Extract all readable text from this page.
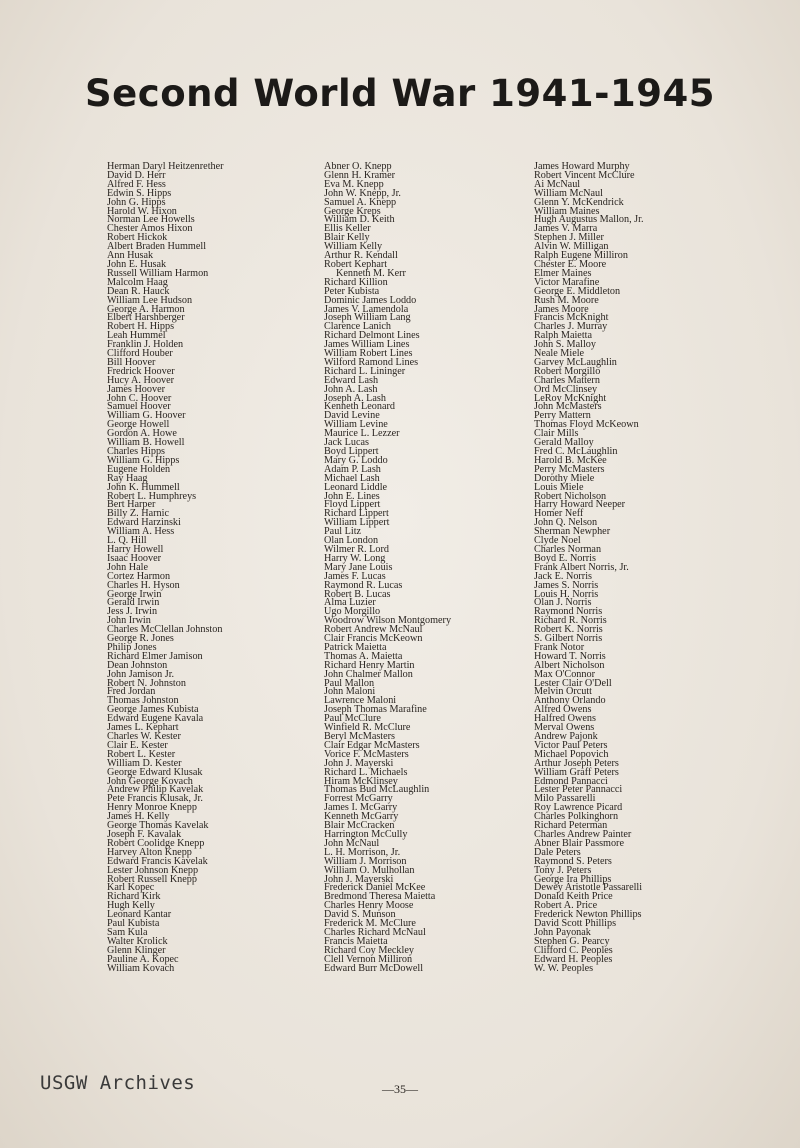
Second World War 1941-1945
Herman Daryl Heitzenrether
David D. Herr
Alfred F. Hess
Edwin S. Hipps
John G. Hipps
Harold W. Hixon
Norman Lee Howells
Chester Amos Hixon
Robert Hickok
Albert Braden Hummell
Ann Husak
John E. Husak
Russell William Harmon
Malcolm Haag
Dean R. Hauck
William Lee Hudson
George A. Harmon
Elbert Harshberger
Robert H. Hipps
Leah Hummel
Franklin J. Holden
Clifford Houber
Bill Hoover
Fredrick Hoover
Hucy A. Hoover
James Hoover
John C. Hoover
Samuel Hoover
William G. Hoover
George Howell
Gordon A. Howe
William B. Howell
Charles Hipps
William G. Hipps
Eugene Holden
Ray Haag
John K. Hummell
Robert L. Humphreys
Bert Harper
Billy Z. Harnic
Edward Harzinski
William A. Hess
L. Q. Hill
Harry Howell
Isaac Hoover
John Hale
Cortez Harmon
Charles H. Hyson
George Irwin
Gerald Irwin
Jess J. Irwin
John Irwin
Charles McClellan Johnston
George R. Jones
Philip Jones
Richard Elmer Jamison
Dean Johnston
John Jamison Jr.
Robert N. Johnston
Fred Jordan
Thomas Johnston
George James Kubista
Edward Eugene Kavala
James L. Kephart
Charles W. Kester
Clair E. Kester
Robert L. Kester
William D. Kester
George Edward Klusak
John George Kovach
Andrew Philip Kavelak
Pete Francis Klusak, Jr.
Henry Monroe Knepp
James H. Kelly
George Thomas Kavelak
Joseph F. Kavalak
Robert Coolidge Knepp
Harvey Alton Knepp
Edward Francis Kavelak
Lester Johnson Knepp
Robert Russell Knepp
Karl Kopec
Richard Kirk
Hugh Kelly
Leonard Kantar
Paul Kubista
Sam Kula
Walter Krolick
Glenn Klinger
Pauline A. Kopec
William Kovach
Abner O. Knepp
Glenn H. Kramer
Eva M. Knepp
John W. Knepp, Jr.
Samuel A. Knepp
George Kreps
William D. Keith
Ellis Keller
Blair Kelly
William Kelly
Arthur R. Kendall
Robert Kephart
Kenneth M. Kerr
Richard Killion
Peter Kubista
Dominic James Loddo
James V. Lamendola
Joseph William Lang
Clarence Lanich
Richard Delmont Lines
James William Lines
William Robert Lines
Wilford Ramond Lines
Richard L. Lininger
Edward Lash
John A. Lash
Joseph A. Lash
Kenneth Leonard
David Levine
William Levine
Maurice L. Lezzer
Jack Lucas
Boyd Lippert
Mary G. Loddo
Adam P. Lash
Michael Lash
Leonard Liddle
John E. Lines
Floyd Lippert
Richard Lippert
William Lippert
Paul Litz
Olan London
Wilmer R. Lord
Harry W. Long
Mary Jane Louis
James F. Lucas
Raymond R. Lucas
Robert B. Lucas
Alma Luzier
Ugo Morgillo
Woodrow Wilson Montgomery
Robert Andrew McNaul
Clair Francis McKeown
Patrick Maietta
Thomas A. Maietta
Richard Henry Martin
John Chalmer Mallon
Paul Mallon
John Maloni
Lawrence Maloni
Joseph Thomas Marafine
Paul McClure
Winfield R. McClure
Beryl McMasters
Clair Edgar McMasters
Vorice F. McMasters
John J. Mayerski
Richard L. Michaels
Hiram McKlinsey
Thomas Bud McLaughlin
Forrest McGarry
James I. McGarry
Kenneth McGarry
Blair McCracken
Harrington McCully
John McNaul
L. H. Morrison, Jr.
William J. Morrison
William O. Mulhollan
John J. Mayerski
Frederick Daniel McKee
Bredmond Theresa Maietta
Charles Henry Moose
David S. Munson
Frederick M. McClure
Charles Richard McNaul
Francis Maietta
Richard Coy Meckley
Clell Vernon Milliron
Edward Burr McDowell
James Howard Murphy
Robert Vincent McClure
Ai McNaul
William McNaul
Glenn Y. McKendrick
William Maines
Hugh Augustus Mallon, Jr.
James V. Marra
Stephen J. Miller
Alvin W. Milligan
Ralph Eugene Milliron
Chester E. Moore
Elmer Maines
Victor Marafine
George E. Middleton
Rush M. Moore
James Moore
Francis McKnight
Charles J. Murray
Ralph Maietta
John S. Malloy
Neale Miele
Garvey McLaughlin
Robert Morgillo
Charles Mattern
Ord McClinsey
LeRoy McKnight
John McMasters
Perry Mattern
Thomas Floyd McKeown
Clair Mills
Gerald Malloy
Fred C. McLaughlin
Harold B. McKee
Perry McMasters
Dorothy Miele
Louis Miele
Robert Nicholson
Harry Howard Neeper
Homer Neff
John Q. Nelson
Sherman Newpher
Clyde Noel
Charles Norman
Boyd E. Norris
Frank Albert Norris, Jr.
Jack E. Norris
James S. Norris
Louis H. Norris
Olan J. Norris
Raymond Norris
Richard R. Norris
Robert K. Norris
S. Gilbert Norris
Frank Notor
Howard T. Norris
Albert Nicholson
Max O'Connor
Lester Clair O'Dell
Melvin Orcutt
Anthony Orlando
Alfred Owens
Halfred Owens
Merval Owens
Andrew Pajonk
Victor Paul Peters
Michael Popovich
Arthur Joseph Peters
William Graff Peters
Edmond Pannacci
Lester Peter Pannacci
Milo Passarelli
Roy Lawrence Picard
Charles Polkinghorn
Richard Peterman
Charles Andrew Painter
Abner Blair Passmore
Dale Peters
Raymond S. Peters
Tony J. Peters
George Ira Phillips
Dewey Aristotle Passarelli
Donald Keith Price
Robert A. Price
Frederick Newton Phillips
David Scott Phillips
John Payonak
Stephen G. Pearcy
Clifford C. Peoples
Edward H. Peoples
W. W. Peoples
—35—
USGW Archives
